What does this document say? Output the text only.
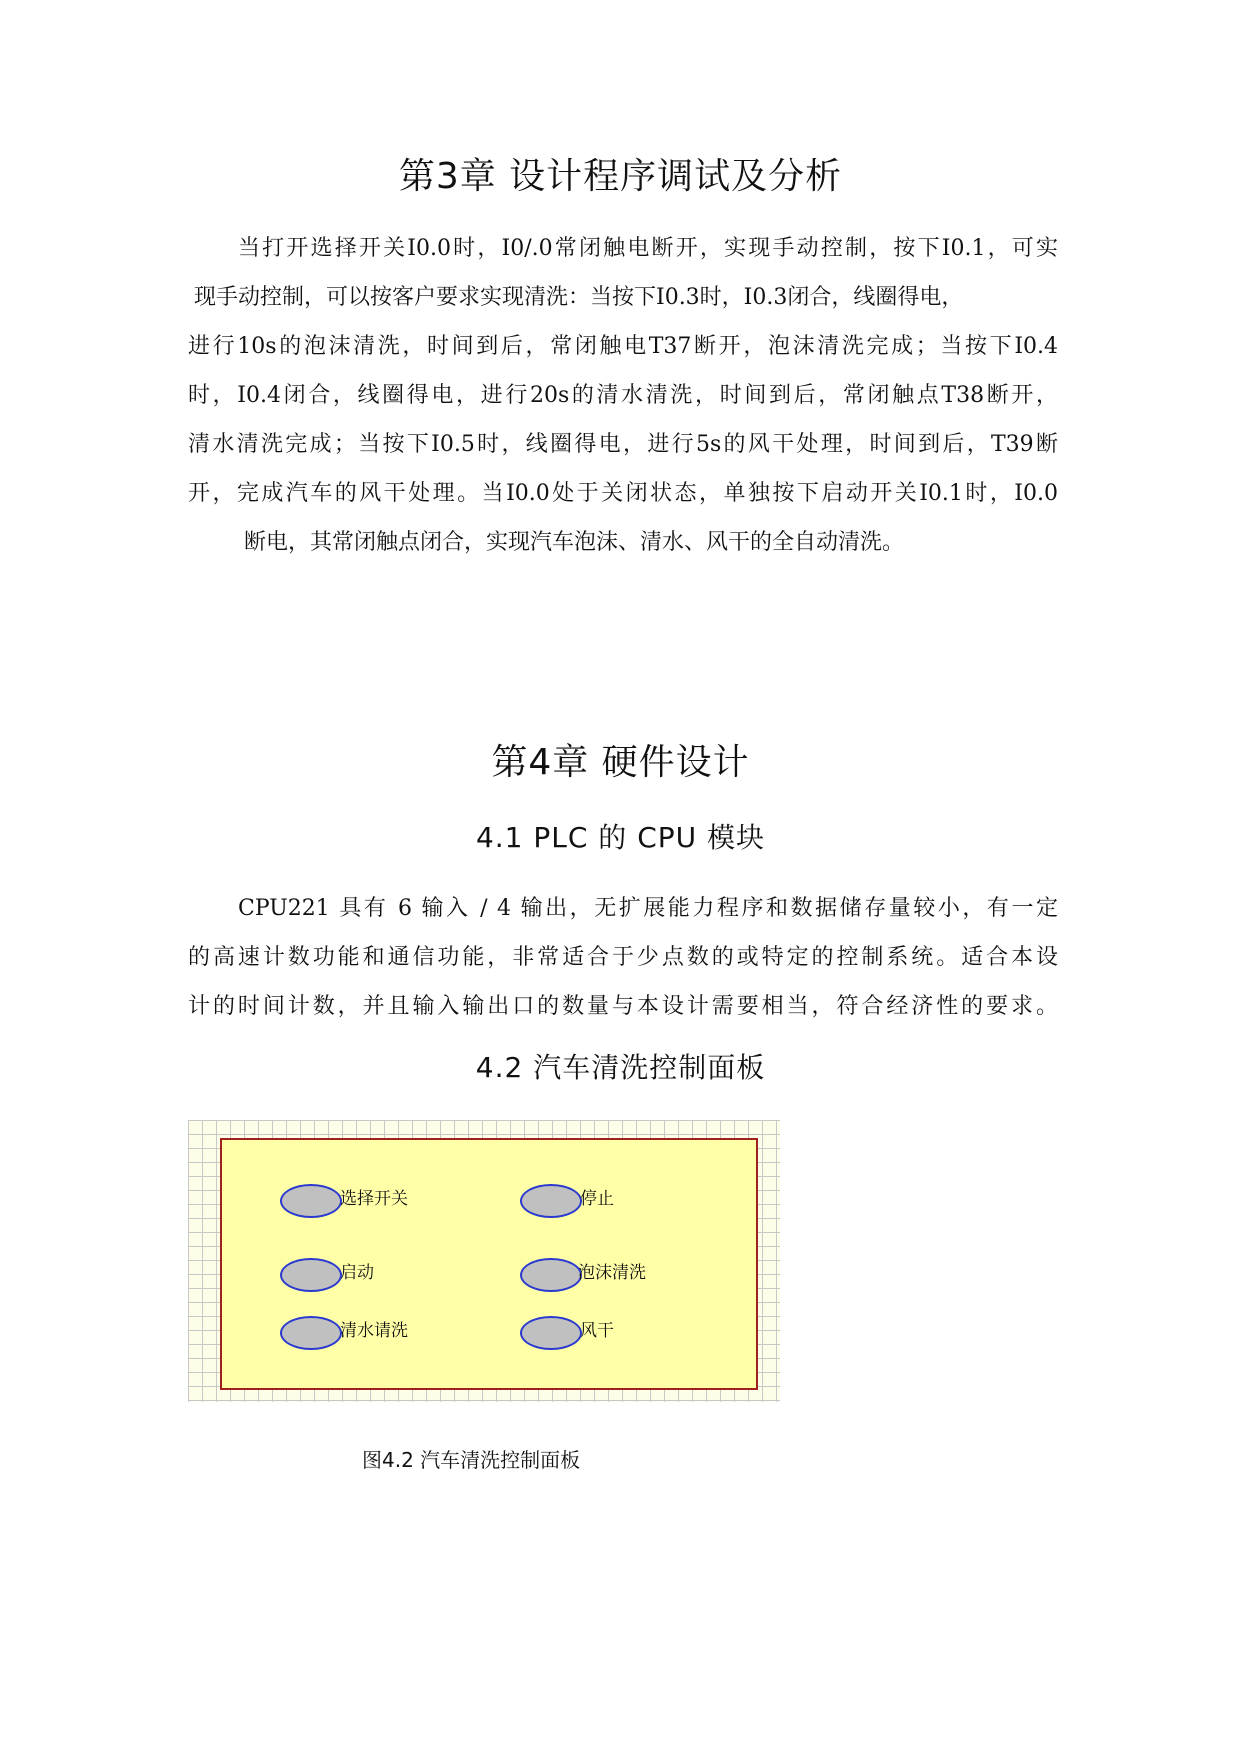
第3章 设计程序调试及分析

当打开选择开关I0.0时，I0/.0常闭触电断开，实现手动控制，按下I0.1，可实
现手动控制，可以按客户要求实现清洗：当按下I0.3时，I0.3闭合，线圈得电，
进行10s的泡沫清洗，时间到后，常闭触电T37断开，泡沫清洗完成；当按下I0.4
时，I0.4闭合，线圈得电，进行20s的清水清洗，时间到后，常闭触点T38断开，
清水清洗完成；当按下I0.5时，线圈得电，进行5s的风干处理，时间到后，T39断
开，完成汽车的风干处理。当I0.0处于关闭状态，单独按下启动开关I0.1时，I0.0
断电，其常闭触点闭合，实现汽车泡沫、清水、风干的全自动清洗。

第4章 硬件设计
4.1 PLC 的 CPU 模块

CPU221 具有 6 输入 / 4 输出，无扩展能力程序和数据储存量较小，有一定
的高速计数功能和通信功能，非常适合于少点数的或特定的控制系统。适合本设
计的时间计数，并且输入输出口的数量与本设计需要相当，符合经济性的要求。

4.2 汽车清洗控制面板
选择开关	停止
启动	泡沫清洗
清水请洗	风干

图4.2 汽车清洗控制面板
